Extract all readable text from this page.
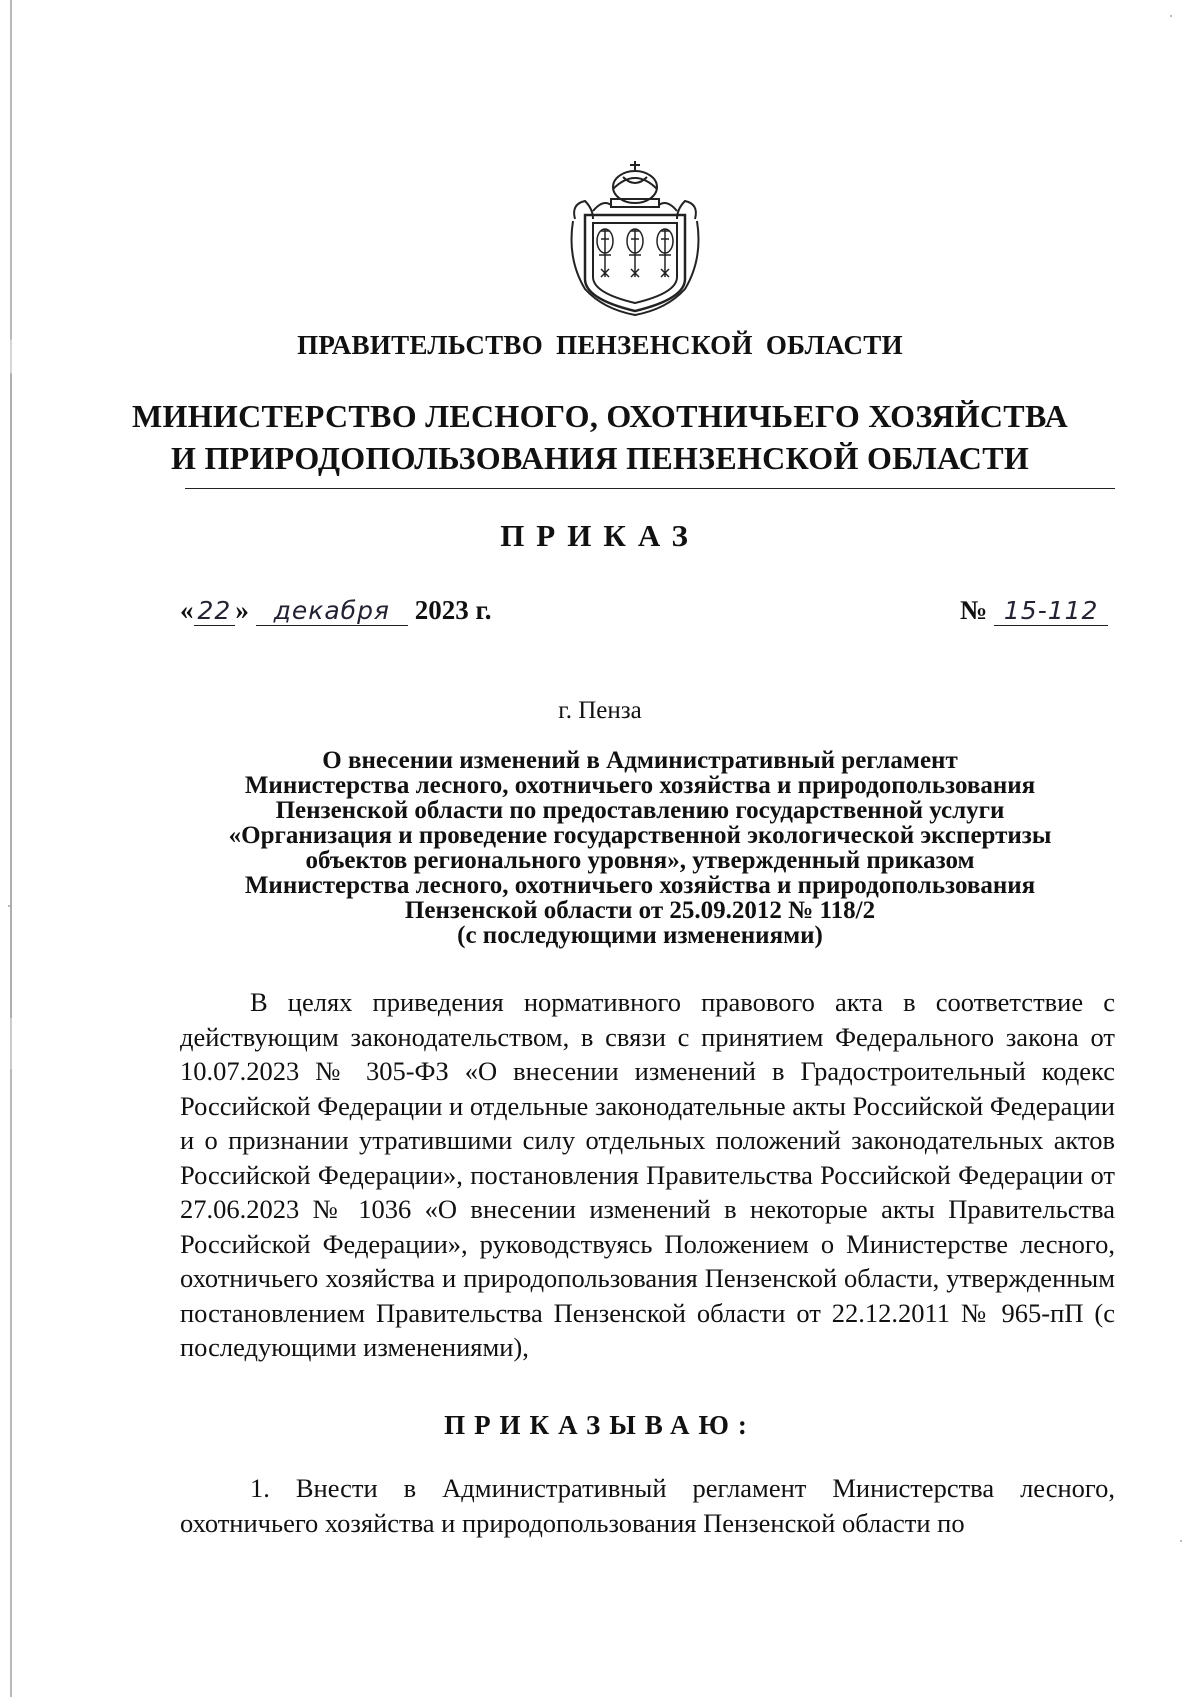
ПРАВИТЕЛЬСТВО ПЕНЗЕНСКОЙ ОБЛАСТИ
МИНИСТЕРСТВО ЛЕСНОГО, ОХОТНИЧЬЕГО ХОЗЯЙСТВА
И ПРИРОДОПОЛЬЗОВАНИЯ ПЕНЗЕНСКОЙ ОБЛАСТИ
ПРИКАЗ
« 22 » декабря 2023 г.	№ 15-112
г. Пенза
О внесении изменений в Административный регламент
Министерства лесного, охотничьего хозяйства и природопользования
Пензенской области по предоставлению государственной услуги
«Организация и проведение государственной экологической экспертизы
объектов регионального уровня», утвержденный приказом
Министерства лесного, охотничьего хозяйства и природопользования
Пензенской области от 25.09.2012 № 118/2
(с последующими изменениями)
В целях приведения нормативного правового акта в соответствие с действующим законодательством, в связи с принятием Федерального закона от 10.07.2023 № 305-ФЗ «О внесении изменений в Градостроительный кодекс Российской Федерации и отдельные законодательные акты Российской Федерации и о признании утратившими силу отдельных положений законодательных актов Российской Федерации», постановления Правительства Российской Федерации от 27.06.2023 № 1036 «О внесении изменений в некоторые акты Правительства Российской Федерации», руководствуясь Положением о Министерстве лесного, охотничьего хозяйства и природопользования Пензенской области, утвержденным постановлением Правительства Пензенской области от 22.12.2011 № 965-пП (с последующими изменениями),
ПРИКАЗЫВАЮ:
1. Внести в Административный регламент Министерства лесного, охотничьего хозяйства и природопользования Пензенской области по
